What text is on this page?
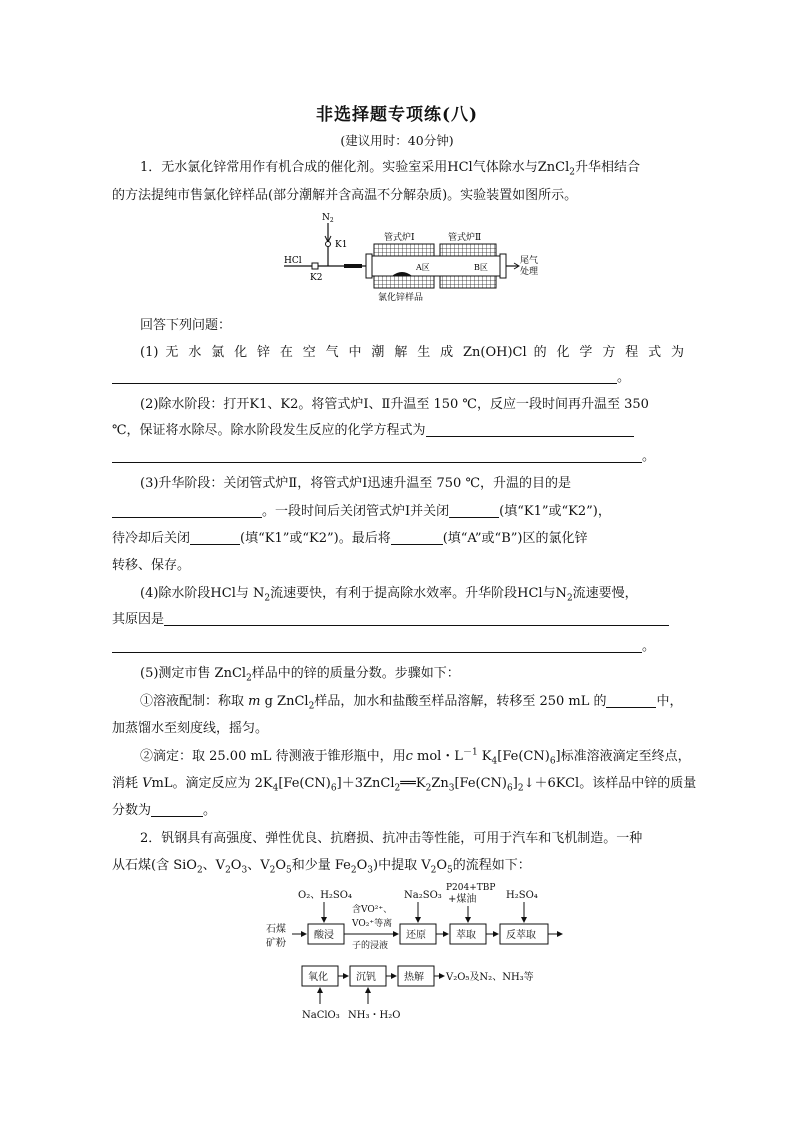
非选择题专项练(八)
(建议用时：40分钟)
1．无水氯化锌常用作有机合成的催化剂。实验室采用HCl气体除水与ZnCl$_2$升华相结合
的方法提纯市售氯化锌样品(部分潮解并含高温不分解杂质)。实验装置如图所示。
$N_2$
K1
HCl
K2
管式炉Ⅰ	管式炉Ⅱ
A区	B区
氯化锌样品
尾气
处理
回答下列问题：
(1) 无 水 氯 化 锌 在 空 气 中 潮 解 生 成 Zn(OH)Cl 的 化 学 方 程 式 为
。
(2)除水阶段：打开K1、K2。将管式炉Ⅰ、Ⅱ升温至 150 ℃，反应一段时间再升温至 350
℃，保证将水除尽。除水阶段发生反应的化学方程式为
。
(3)升华阶段：关闭管式炉Ⅱ，将管式炉Ⅰ迅速升温至 750 ℃，升温的目的是
。一段时间后关闭管式炉Ⅰ并关闭	(填“K1”或“K2”)，
待冷却后关闭	(填“K1”或“K2”)。最后将	(填“A”或“B”)区的氯化锌
转移、保存。
(4)除水阶段HCl与 $N_2$流速要快，有利于提高除水效率。升华阶段HCl与$N_2$流速要慢，
其原因是
。
(5)测定市售 ZnCl$_2$样品中的锌的质量分数。步骤如下：
①溶液配制：称取 m g ZnCl$_2$样品，加水和盐酸至样品溶解，转移至 250 mL 的	中，
加蒸馏水至刻度线，摇匀。
②滴定：取 25.00 mL 待测液于锥形瓶中，用c mol・$L^{-1}$ $K_4[Fe(CN)_6]$标准溶液滴定至终点，
消耗 VmL。滴定反应为 $2K_4[Fe(CN)_6]+3ZnCl_2══K_2Zn_3[Fe(CN)_6]_2↓+6KCl$。该样品中锌的质量
分数为	。
2．钒钢具有高强度、弹性优良、抗磨损、抗冲击等性能，可用于汽车和飞机制造。一种
从石煤(含 SiO$_2$、$V_2O_3$、$V_2O_5$和少量 $Fe_2O_3$)中提取 $V_2O_5$的流程如下：
石煤
矿粉
O₂、H₂SO₄
酸浸
含VO²⁺、
VO₂⁺等离
子的浸液
Na₂SO₃
还原
P204+TBP
+煤油
萃取
H₂SO₄
反萃取
氧化	沉钒	热解 V₂O₅及N₂、NH₃等
NaClO₃ NH₃・H₂O
